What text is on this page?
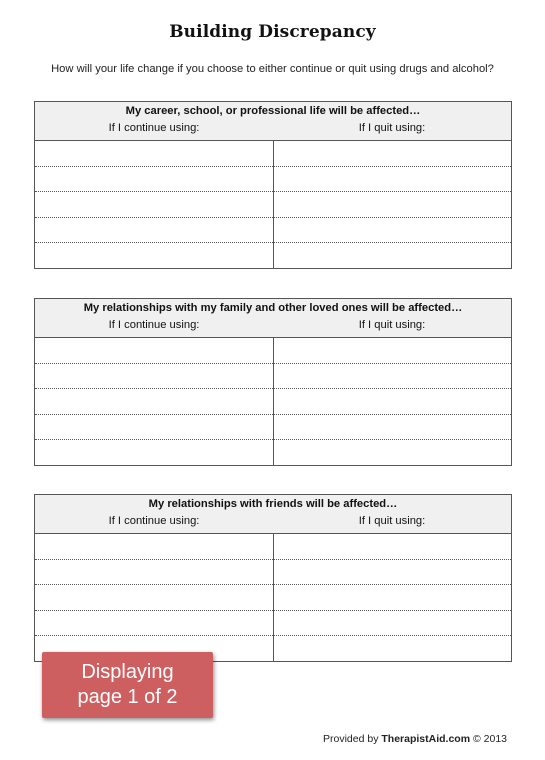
Building Discrepancy
How will your life change if you choose to either continue or quit using drugs and alcohol?
My career, school, or professional life will be affected…
If I continue using:	If I quit using:
My relationships with my family and other loved ones will be affected…
If I continue using:	If I quit using:
My relationships with friends will be affected…
If I continue using:	If I quit using:
Displaying
page 1 of 2
Provided by TherapistAid.com © 2013
